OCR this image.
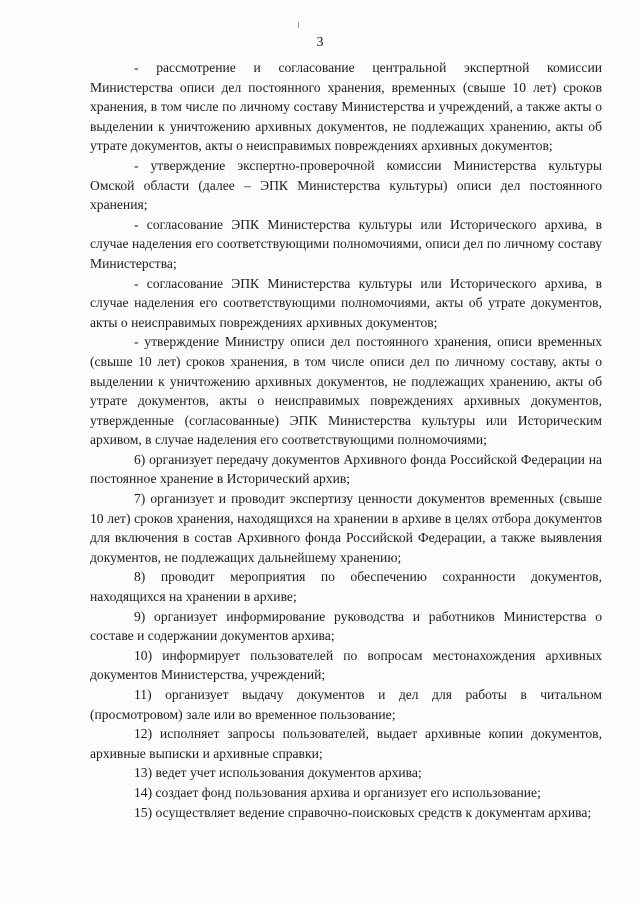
3

- рассмотрение и согласование центральной экспертной комиссии Министерства описи дел постоянного хранения, временных (свыше 10 лет) сроков хранения, в том числе по личному составу Министерства и учреждений, а также акты о выделении к уничтожению архивных документов, не подлежащих хранению, акты об утрате документов, акты о неисправимых повреждениях архивных документов;

- утверждение экспертно-проверочной комиссии Министерства культуры Омской области (далее – ЭПК Министерства культуры) описи дел постоянного хранения;

- согласование ЭПК Министерства культуры или Исторического архива, в случае наделения его соответствующими полномочиями, описи дел по личному составу Министерства;

- согласование ЭПК Министерства культуры или Исторического архива, в случае наделения его соответствующими полномочиями, акты об утрате документов, акты о неисправимых повреждениях архивных документов;

- утверждение Министру описи дел постоянного хранения, описи временных (свыше 10 лет) сроков хранения, в том числе описи дел по личному составу, акты о выделении к уничтожению архивных документов, не подлежащих хранению, акты об утрате документов, акты о неисправимых повреждениях архивных документов, утвержденные (согласованные) ЭПК Министерства культуры или Историческим архивом, в случае наделения его соответствующими полномочиями;

6) организует передачу документов Архивного фонда Российской Федерации на постоянное хранение в Исторический архив;

7) организует и проводит экспертизу ценности документов временных (свыше 10 лет) сроков хранения, находящихся на хранении в архиве в целях отбора документов для включения в состав Архивного фонда Российской Федерации, а также выявления документов, не подлежащих дальнейшему хранению;

8) проводит мероприятия по обеспечению сохранности документов, находящихся на хранении в архиве;

9) организует информирование руководства и работников Министерства о составе и содержании документов архива;

10) информирует пользователей по вопросам местонахождения архивных документов Министерства, учреждений;

11) организует выдачу документов и дел для работы в читальном (просмотровом) зале или во временное пользование;

12) исполняет запросы пользователей, выдает архивные копии документов, архивные выписки и архивные справки;

13) ведет учет использования документов архива;

14) создает фонд пользования архива и организует его использование;

15) осуществляет ведение справочно-поисковых средств к документам архива;
